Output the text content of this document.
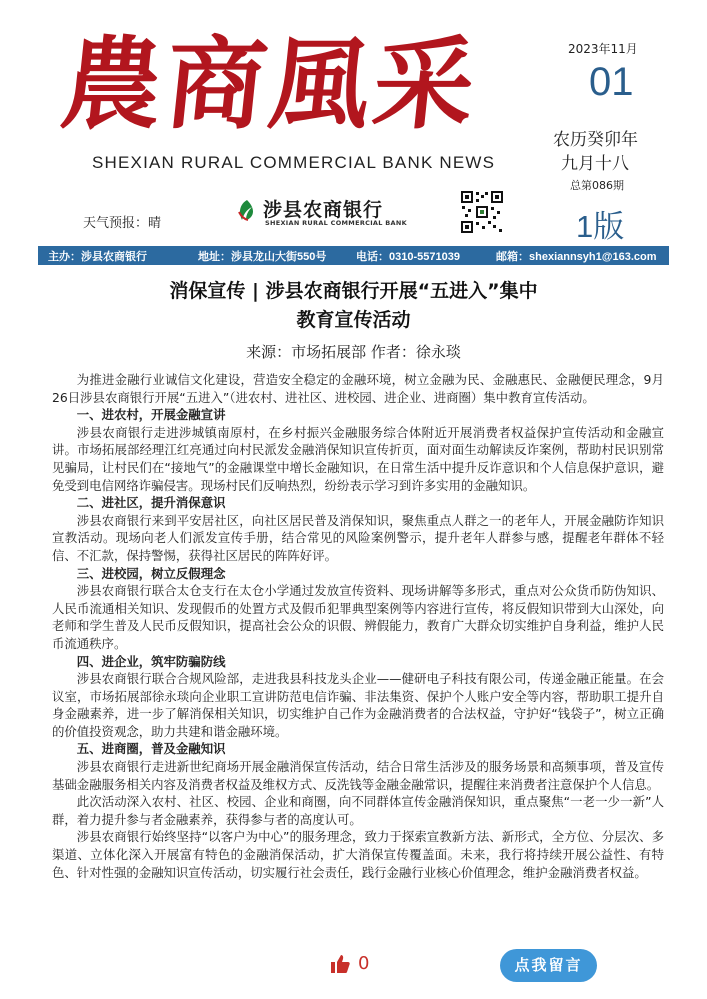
農商風采
SHEXIAN RURAL COMMERCIAL BANK NEWS
2023年11月
01
农历癸卯年
九月十八
总第086期
1版
天气预报：晴
涉县农商银行
SHEXIAN RURAL COMMERCIAL BANK
主办：涉县农商银行	地址：涉县龙山大街550号	电话：0310-5571039	邮箱：shexiannsyh1@163.com
消保宣传 | 涉县农商银行开展“五进入”集中
教育宣传活动
来源：市场拓展部 作者：徐永琰

为推进金融行业诚信文化建设，营造安全稳定的金融环境，树立金融为民、金融惠民、金融便民理念，9月26日涉县农商银行开展“五进入”（进农村、进社区、进校园、进企业、进商圈）集中教育宣传活动。

一、进农村，开展金融宣讲

涉县农商银行走进涉城镇南原村，在乡村振兴金融服务综合体附近开展消费者权益保护宣传活动和金融宣讲。市场拓展部经理江红亮通过向村民派发金融消保知识宣传折页，面对面生动解读反诈案例，帮助村民识别常见骗局，让村民们在“接地气”的金融课堂中增长金融知识，在日常生活中提升反诈意识和个人信息保护意识，避免受到电信网络诈骗侵害。现场村民们反响热烈，纷纷表示学习到许多实用的金融知识。

二、进社区，提升消保意识

涉县农商银行来到平安居社区，向社区居民普及消保知识，聚焦重点人群之一的老年人，开展金融防诈知识宣教活动。现场向老人们派发宣传手册，结合常见的风险案例警示，提升老年人群参与感，提醒老年群体不轻信、不汇款，保持警惕，获得社区居民的阵阵好评。

三、进校园，树立反假理念

涉县农商银行联合太仓支行在太仓小学通过发放宣传资料、现场讲解等多形式，重点对公众货币防伪知识、人民币流通相关知识、发现假币的处置方式及假币犯罪典型案例等内容进行宣传，将反假知识带到大山深处，向老师和学生普及人民币反假知识，提高社会公众的识假、辨假能力，教育广大群众切实维护自身利益，维护人民币流通秩序。

四、进企业，筑牢防骗防线

涉县农商银行联合合规风险部，走进我县科技龙头企业——健研电子科技有限公司，传递金融正能量。在会议室，市场拓展部徐永琰向企业职工宣讲防范电信诈骗、非法集资、保护个人账户安全等内容，帮助职工提升自身金融素养，进一步了解消保相关知识，切实维护自己作为金融消费者的合法权益，守护好“钱袋子”，树立正确的价值投资观念，助力共建和谐金融环境。

五、进商圈，普及金融知识

涉县农商银行走进新世纪商场开展金融消保宣传活动，结合日常生活涉及的服务场景和高频事项，普及宣传基础金融服务相关内容及消费者权益及维权方式、反洗钱等金融金融常识，提醒往来消费者注意保护个人信息。

此次活动深入农村、社区、校园、企业和商圈，向不同群体宣传金融消保知识，重点聚焦“一老一少一新”人群，着力提升参与者金融素养，获得参与者的高度认可。

涉县农商银行始终坚持“以客户为中心”的服务理念，致力于探索宣教新方法、新形式，全方位、分层次、多渠道、立体化深入开展富有特色的金融消保活动，扩大消保宣传覆盖面。未来，我行将持续开展公益性、有特色、针对性强的金融知识宣传活动，切实履行社会责任，践行金融行业核心价值理念，维护金融消费者权益。

0	点我留言
